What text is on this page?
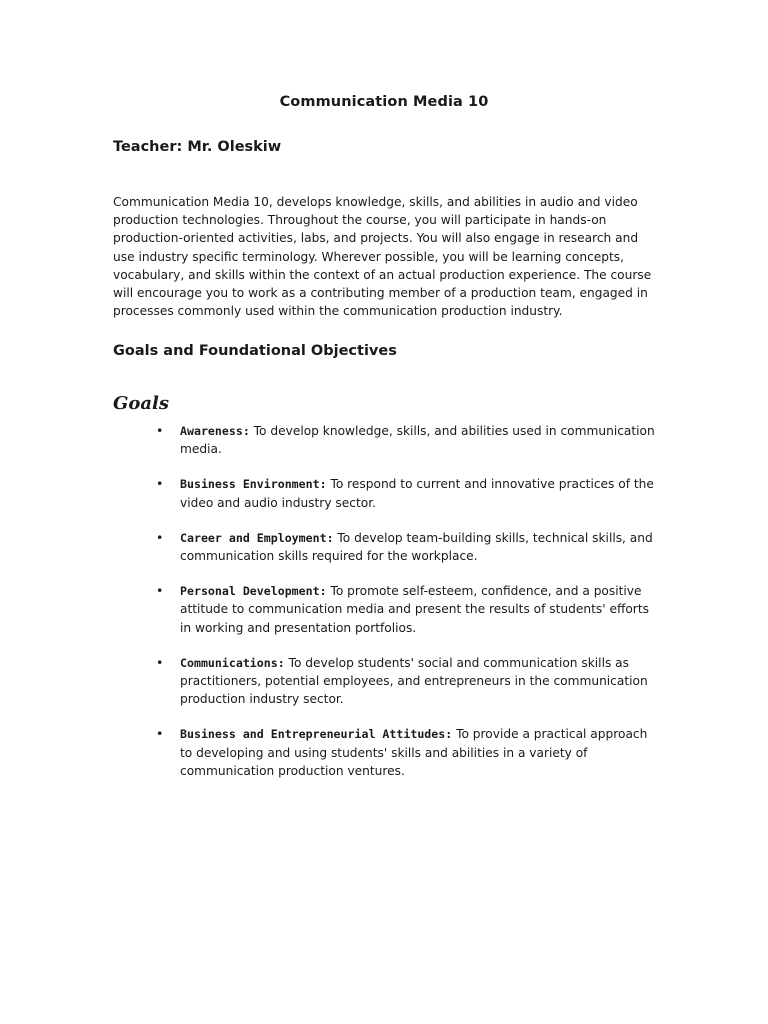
Communication Media 10
Teacher: Mr. Oleskiw

Communication Media 10, develops knowledge, skills, and abilities in audio and video production technologies. Throughout the course, you will participate in hands-on production-oriented activities, labs, and projects. You will also engage in research and use industry specific terminology. Wherever possible, you will be learning concepts, vocabulary, and skills within the context of an actual production experience. The course will encourage you to work as a contributing member of a production team, engaged in processes commonly used within the communication production industry.

Goals and Foundational Objectives
Goals
• Awareness: To develop knowledge, skills, and abilities used in communication media.
• Business Environment: To respond to current and innovative practices of the video and audio industry sector.
• Career and Employment: To develop team-building skills, technical skills, and communication skills required for the workplace.
• Personal Development: To promote self-esteem, confidence, and a positive attitude to communication media and present the results of students' efforts in working and presentation portfolios.
• Communications: To develop students' social and communication skills as practitioners, potential employees, and entrepreneurs in the communication production industry sector.
• Business and Entrepreneurial Attitudes: To provide a practical approach to developing and using students' skills and abilities in a variety of communication production ventures.
